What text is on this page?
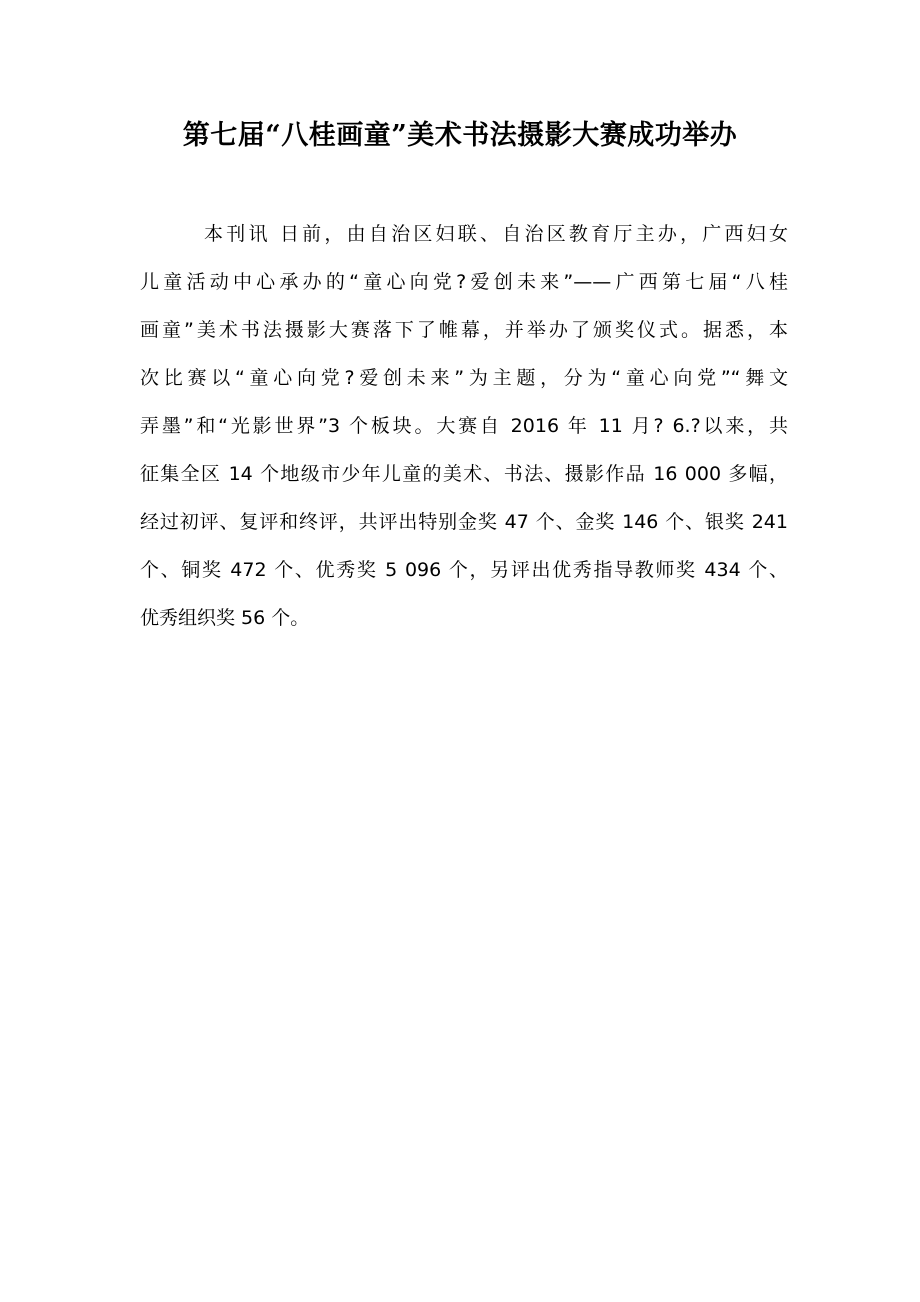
第七届“八桂画童”美术书法摄影大赛成功举办

本刊讯 日前，由自治区妇联、自治区教育厅主办，广西妇女
儿童活动中心承办的“童心向党?爱创未来”——广西第七届“八桂
画童”美术书法摄影大赛落下了帷幕，并举办了颁奖仪式。据悉，本
次比赛以“童心向党?爱创未来”为主题，分为“童心向党”“舞文
弄墨”和“光影世界”3 个板块。大赛自 2016 年 11 月? 6.?以来，共
征集全区 14 个地级市少年儿童的美术、书法、摄影作品 16 000 多幅，
经过初评、复评和终评，共评出特别金奖 47 个、金奖 146 个、银奖 241
个、铜奖 472 个、优秀奖 5 096 个，另评出优秀指导教师奖 434 个、
优秀组织奖 56 个。
